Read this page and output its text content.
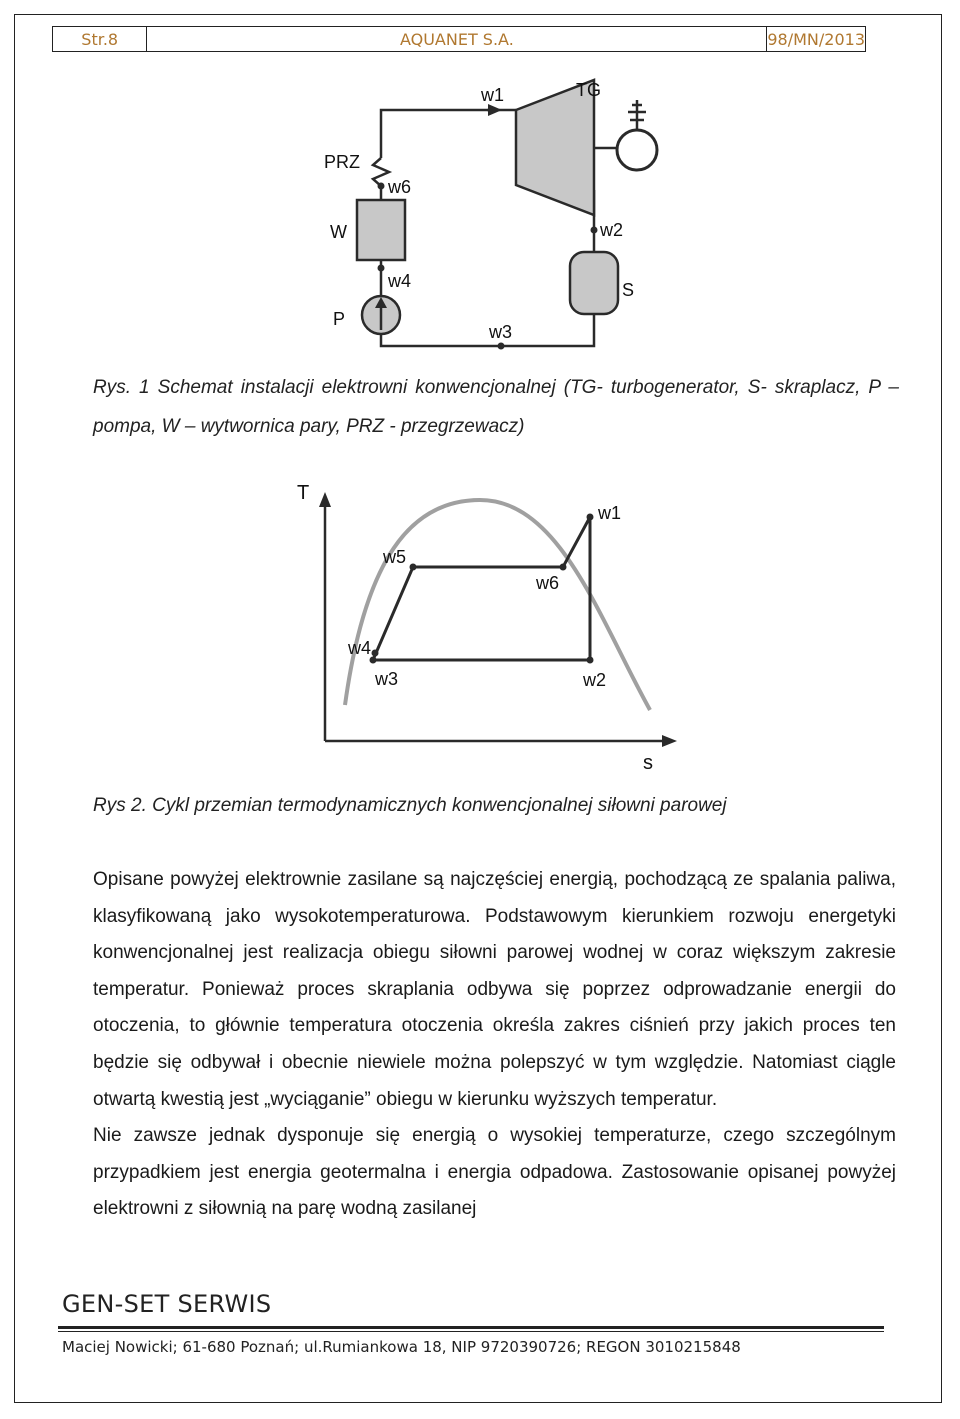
Str.8	AQUANET S.A.	98/MN/2013
w1	TG
PRZ
w6
W	w2
w4	S
P
w3
Rys. 1 Schemat instalacji elektrowni konwencjonalnej (TG- turbogenerator, S- skraplacz, P – pompa, W – wytwornica pary, PRZ - przegrzewacz)
T
s
w1
w5
w6
w4
w3	w2
Rys 2. Cykl przemian termodynamicznych konwencjonalnej siłowni parowej

Opisane powyżej elektrownie zasilane są najczęściej energią, pochodzącą ze spalania paliwa, klasyfikowaną jako wysokotemperaturowa. Podstawowym kierunkiem rozwoju energetyki konwencjonalnej jest realizacja obiegu siłowni parowej wodnej w coraz większym zakresie temperatur. Ponieważ proces skraplania odbywa się poprzez odprowadzanie energii do otoczenia, to głównie temperatura otoczenia określa zakres ciśnień przy jakich proces ten będzie się odbywał i obecnie niewiele można polepszyć w tym względzie. Natomiast ciągle otwartą kwestią jest „wyciąganie” obiegu w kierunku wyższych temperatur.

Nie zawsze jednak dysponuje się energią o wysokiej temperaturze, czego szczególnym przypadkiem jest energia geotermalna i energia odpadowa. Zastosowanie opisanej powyżej elektrowni z siłownią na parę wodną zasilanej

GEN-SET SERWIS
Maciej Nowicki; 61-680 Poznań; ul.Rumiankowa 18, NIP 9720390726; REGON 3010215848
